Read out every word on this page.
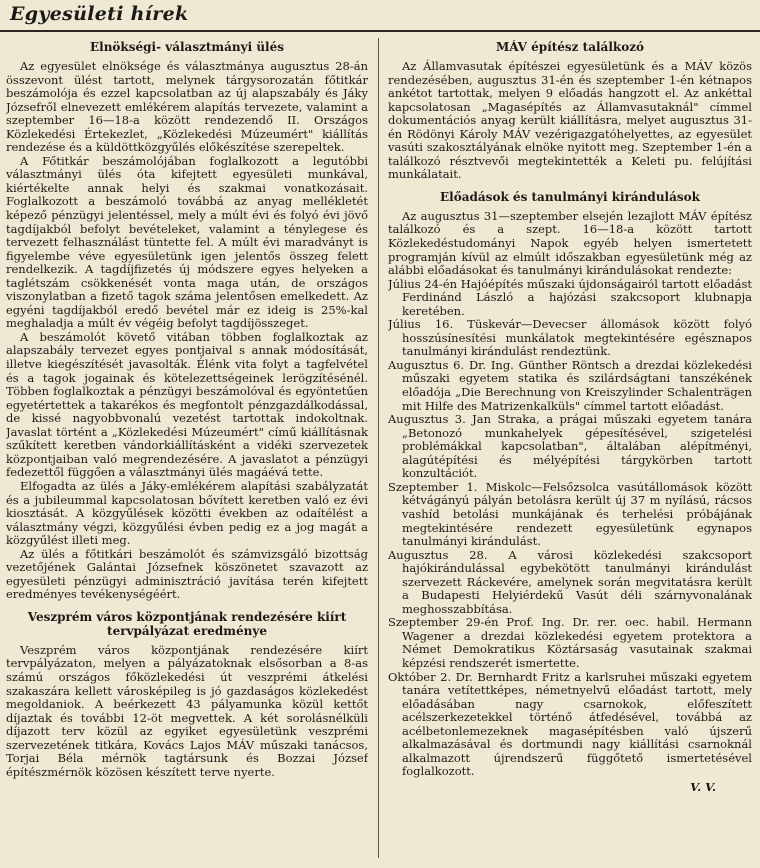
Egyesületi hírek
Elnökségi- választmányi ülés

Az egyesület elnöksége és választmánya augusztus 28-án összevont ülést tartott, melynek tárgysorozatán főtitkár beszámolója és ezzel kapcsolatban az új alapszabály és Jáky Józsefről elnevezett emlékérem alapítás tervezete, valamint a szeptember 16—18-a között rendezendő II. Országos Közlekedési Értekezlet, „Közlekedési Múzeumért" kiállítás rendezése és a küldöttközgyűlés előkészítése szerepeltek.

A Főtitkár beszámolójában foglalkozott a legutóbbi választmányi ülés óta kifejtett egyesületi munkával, kiértékelte annak helyi és szakmai vonatkozásait. Foglalkozott a beszámoló továbbá az anyag mellékletét képező pénzügyi jelentéssel, mely a múlt évi és folyó évi jövő tagdíjakból befolyt bevételeket, valamint a ténylegese és tervezett felhasználást tüntette fel. A múlt évi maradványt is figyelembe véve egyesületünk igen jelentős összeg felett rendelkezik. A tagdíjfizetés új módszere egyes helyeken a taglétszám csökkenését vonta maga után, de országos viszonylatban a fizető tagok száma jelentősen emelkedett. Az egyéni tagdíjakból eredő bevétel már ez ideig is 25%-kal meghaladja a múlt év végéig befolyt tagdíjösszeget.

A beszámolót követő vitában többen foglalkoztak az alapszabály tervezet egyes pontjaival s annak módosítását, illetve kiegészítését javasolták. Élénk vita folyt a tagfelvétel és a tagok jogainak és kötelezettségeinek lerögzítésénél. Többen foglalkoztak a pénzügyi beszámolóval és egyöntetűen egyetértettek a takarékos és megfontolt pénzgazdálkodással, de kissé nagyobbvonalú vezetést tartottak indokoltnak. Javaslat történt a „Közlekedési Múzeumért" című kiállításnak szűkített keretben vándorkiállításként a vidéki szervezetek központjaiban való megrendezésére. A javaslatot a pénzügyi fedezettől függően a választmányi ülés magáévá tette.

Elfogadta az ülés a Jáky-emlékérem alapítási szabályzatát és a jubileummal kapcsolatosan bővített keretben való ez évi kiosztását. A közgyűlések közötti években az odaítélést a választmány végzi, közgyűlési évben pedig ez a jog magát a közgyűlést illeti meg.

Az ülés a főtitkári beszámolót és számvizsgáló bizottság vezetőjének Galántai Józsefnek köszönetet szavazott az egyesületi pénzügyi adminisztráció javítása terén kifejtett eredményes tevékenységéért.

Veszprém város központjának rendezésére kiírt tervpályázat eredménye

Veszprém város központjának rendezésére kiírt tervpályázaton, melyen a pályázatoknak elsősorban a 8-as számú országos főközlekedési út veszprémi átkelési szakaszára kellett városképileg is jó gazdaságos közlekedést megoldaniok. A beérkezett 43 pályamunka közül kettőt díjaztak és további 12-öt megvettek. A két sorolásnélküli díjazott terv közül az egyiket egyesületünk veszprémi szervezetének titkára, Kovács Lajos MÁV műszaki tanácsos, Torjai Béla mérnök tagtársunk és Bozzai József építészmérnök közösen készített terve nyerte.

MÁV építész találkozó

Az Államvasutak építészei egyesületünk és a MÁV közös rendezésében, augusztus 31-én és szeptember 1-én kétnapos ankétot tartottak, melyen 9 előadás hangzott el. Az ankéttal kapcsolatosan „Magasépítés az Államvasutaknál" címmel dokumentációs anyag került kiállításra, melyet augusztus 31-én Rödönyi Károly MÁV vezérigazgatóhelyettes, az egyesület vasúti szakosztályának elnöke nyitott meg. Szeptember 1-én a találkozó résztvevői megtekintették a Keleti pu. felújítási munkálatait.

Előadások és tanulmányi kirándulások

Az augusztus 31—szeptember elsején lezajlott MÁV építész találkozó és a szept. 16—18-a között tartott Közlekedéstudományi Napok egyéb helyen ismertetett programján kívül az elmúlt időszakban egyesületünk még az alábbi előadásokat és tanulmányi kirándulásokat rendezte:

Július 24-én Hajóépítés műszaki újdonságairól tartott előadást Ferdinánd László a hajózási szakcsoport klubnapja keretében.

Július 16. Tüskevár—Devecser állomások között folyó hosszúsínesítési munkálatok megtekintésére egésznapos tanulmányi kirándulást rendeztünk.

Augusztus 6. Dr. Ing. Günther Röntsch a drezdai közlekedési műszaki egyetem statika és szilárdságtani tanszékének előadója „Die Berechnung von Kreiszylinder Schalenträgen mit Hilfe des Matrizenkalküls" címmel tartott előadást.

Augusztus 3. Jan Straka, a prágai műszaki egyetem tanára „Betonozó munkahelyek gépesítésével, szigetelési problémákkal kapcsolatban", általában alépítményi, alagútépítési és mélyépítési tárgykörben tartott konzultációt.

Szeptember 1. Miskolc—Felsőzsolca vasútállomások között kétvágányú pályán betolásra került új 37 m nyílású, rácsos vashíd betolási munkájának és terhelési próbájának megtekintésére rendezett egyesületünk egynapos tanulmányi kirándulást.

Augusztus 28. A városi közlekedési szakcsoport hajókirándulással egybekötött tanulmányi kirándulást szervezett Ráckevére, amelynek során megvitatásra került a Budapesti Helyiérdekű Vasút déli szárnyvonalának meghosszabbítása.

Szeptember 29-én Prof. Ing. Dr. rer. oec. habil. Hermann Wagener a drezdai közlekedési egyetem protektora a Német Demokratikus Köztársaság vasutainak szakmai képzési rendszerét ismertette.

Október 2. Dr. Bernhardt Fritz a karlsruhei műszaki egyetem tanára vetítettképes, németnyelvű előadást tartott, mely előadásában nagy csarnokok, előfeszített acélszerkezetekkel történő átfedésével, továbbá az acélbetonlemezeknek magasépítésben való újszerű alkalmazásával és dortmundi nagy kiállítási csarnoknál alkalmazott újrendszerű függőtető ismertetésével foglalkozott.

V. V.
